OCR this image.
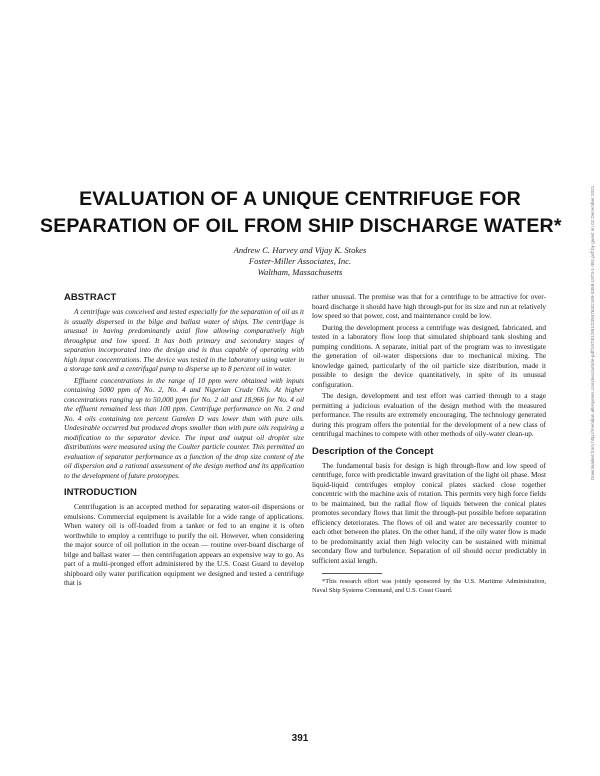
EVALUATION OF A UNIQUE CENTRIFUGE FOR
SEPARATION OF OIL FROM SHIP DISCHARGE WATER*
Andrew C. Harvey and Vijay K. Stokes
Foster-Miller Associates, Inc.
Waltham, Massachusetts
ABSTRACT

A centrifuge was conceived and tested especially for the separation of oil as it is usually dispersed in the bilge and ballast water of ships. The centrifuge is unusual in having predominantly axial flow allowing comparatively high throughput and low speed. It has both primary and secondary stages of separation incorporated into the design and is thus capable of operating with high input concentrations. The device was tested in the laboratory using water in a storage tank and a centrifugal pump to disperse up to 8 percent oil in water.

Effluent concentrations in the range of 10 ppm were obtained with inputs containing 5000 ppm of No. 2, No. 4 and Nigerian Crude Oils. At higher concentrations ranging up to 50,000 ppm for No. 2 oil and 18,966 for No. 4 oil the effluent remained less than 100 ppm. Centrifuge performance on No. 2 and No. 4 oils containing ten percent Gamlen D was lower than with pure oils. Undesirable occurred but produced drops smaller than with pure oils requiring a modification to the separator device. The input and output oil droplet size distributions were measured using the Coulter particle counter. This permitted an evaluation of separator performance as a function of the drop size content of the oil dispersion and a rational assessment of the design method and its application to the development of future prototypes.

INTRODUCTION

Centrifugation is an accepted method for separating water-oil dispersions or emulsions. Commercial equipment is available for a wide range of applications. When watery oil is off-loaded from a tanker or fed to an engine it is often worthwhile to employ a centrifuge to purify the oil. However, when considering the major source of oil pollution in the ocean — routine over-board discharge of bilge and ballast water — then centrifugation appears an expensive way to go. As part of a multi-pronged effort administered by the U.S. Coast Guard to develop shipboard oily water purification equipment we designed and tested a centrifuge that is

rather unusual. The premise was that for a centrifuge to be attractive for over-board discharge it should have high through-put for its size and run at relatively low speed so that power, cost, and maintenance could be low.

During the development process a centrifuge was designed, fabricated, and tested in a laboratory flow loop that simulated shipboard tank sloshing and pumping conditions. A separate, initial part of the program was to investigate the generation of oil-water dispersions due to mechanical mixing. The knowledge gained, particularly of the oil particle size distribution, made it possible to design the device quantitatively, in spite of its unusual configuration.

The design, development and test effort was carried through to a stage permitting a judicious evaluation of the design method with the measured performance. The results are extremely encouraging. The technology generated during this program offers the potential for the development of a new class of centrifugal machines to compete with other methods of oily-water clean-up.

Description of the Concept

The fundamental basis for design is high through-flow and low speed of centrifuge, force with predictable inward gravitation of the light oil phase. Most liquid-liquid centrifuges employ conical plates stacked close together concentric with the machine axis of rotation. This permits very high force fields to be maintained, but the radial flow of liquids between the conical plates promotes secondary flows that limit the through-put possible before separation efficiency deteriorates. The flows of oil and water are necessarily counter to each other between the plates. On the other hand, if the oily water flow is made to be predominantly axial then high velocity can be sustained with minimal secondary flow and turbulence. Separation of oil should occur predictably in sufficient axial length.

*This research effort was jointly sponsored by the U.S. Maritime Administration, Naval Ship Systems Command, and U.S. Coast Guard.

391
Downloaded from http://meridian.allenpress.com/iosc/article-pdf/1973/1/391/2353763/2169-3358-1973-1-391.pdf by guest on 02 December 2021
